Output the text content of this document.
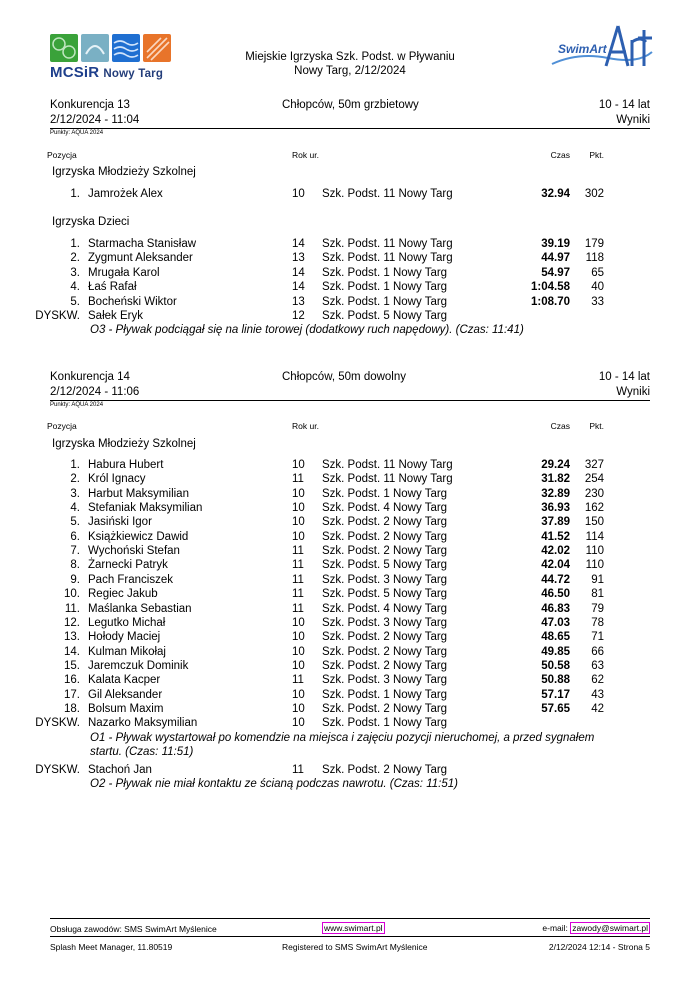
MCSiR Nowy Targ
Miejskie Igrzyska Szk. Podst. w Pływaniu
Nowy Targ, 2/12/2024
SwimArt
Konkurencja 13	Chłopców, 50m grzbietowy	10 - 14 lat
2/12/2024 - 11:04	Wyniki
Punkty: AQUA 2024
Pozycja	Rok ur.	Czas Pkt.
Igrzyska Młodzieży Szkolnej
1. Jamrożek Alex	10 Szk. Podst. 11 Nowy Targ	32.94 302
Igrzyska Dzieci
1. Starmacha Stanisław	14 Szk. Podst. 11 Nowy Targ	39.19 179
2. Zygmunt Aleksander	13 Szk. Podst. 11 Nowy Targ	44.97 118
3. Mrugała Karol	14 Szk. Podst. 1 Nowy Targ	54.97 65
4. Łaś Rafał	14 Szk. Podst. 1 Nowy Targ	1:04.58 40
5. Bocheński Wiktor	13 Szk. Podst. 1 Nowy Targ	1:08.70 33
DYSKW. Sałek Eryk	12 Szk. Podst. 5 Nowy Targ
O3 - Pływak podciągał się na linie torowej (dodatkowy ruch napędowy). (Czas: 11:41)
Konkurencja 14	Chłopców, 50m dowolny	10 - 14 lat
2/12/2024 - 11:06	Wyniki
Punkty: AQUA 2024
Pozycja	Rok ur.	Czas Pkt.
Igrzyska Młodzieży Szkolnej
1. Habura Hubert	10 Szk. Podst. 11 Nowy Targ	29.24 327
2. Król Ignacy	11 Szk. Podst. 11 Nowy Targ	31.82 254
3. Harbut Maksymilian	10 Szk. Podst. 1 Nowy Targ	32.89 230
4. Stefaniak Maksymilian	10 Szk. Podst. 4 Nowy Targ	36.93 162
5. Jasiński Igor	10 Szk. Podst. 2 Nowy Targ	37.89 150
6. Książkiewicz Dawid	10 Szk. Podst. 2 Nowy Targ	41.52 114
7. Wychoński Stefan	11 Szk. Podst. 2 Nowy Targ	42.02 110
8. Żarnecki Patryk	11 Szk. Podst. 5 Nowy Targ	42.04 110
9. Pach Franciszek	11 Szk. Podst. 3 Nowy Targ	44.72 91
10. Regiec Jakub	11 Szk. Podst. 5 Nowy Targ	46.50 81
11. Maślanka Sebastian	11 Szk. Podst. 4 Nowy Targ	46.83 79
12. Legutko Michał	10 Szk. Podst. 3 Nowy Targ	47.03 78
13. Hołody Maciej	10 Szk. Podst. 2 Nowy Targ	48.65 71
14. Kulman Mikołaj	10 Szk. Podst. 2 Nowy Targ	49.85 66
15. Jaremczuk Dominik	10 Szk. Podst. 2 Nowy Targ	50.58 63
16. Kalata Kacper	11 Szk. Podst. 3 Nowy Targ	50.88 62
17. Gil Aleksander	10 Szk. Podst. 1 Nowy Targ	57.17 43
18. Bolsum Maxim	10 Szk. Podst. 2 Nowy Targ	57.65 42
DYSKW. Nazarko Maksymilian	10 Szk. Podst. 1 Nowy Targ
O1 - Pływak wystartował po komendzie na miejsca i zajęciu pozycji nieruchomej, a przed sygnałem startu. (Czas: 11:51)
DYSKW. Stachoń Jan	11 Szk. Podst. 2 Nowy Targ
O2 - Pływak nie miał kontaktu ze ścianą podczas nawrotu. (Czas: 11:51)
Obsługa zawodów: SMS SwimArt Myślenice	www.swimart.pl	e-mail: zawody@swimart.pl
Splash Meet Manager, 11.80519	Registered to SMS SwimArt Myślenice	2/12/2024 12:14 - Strona 5
